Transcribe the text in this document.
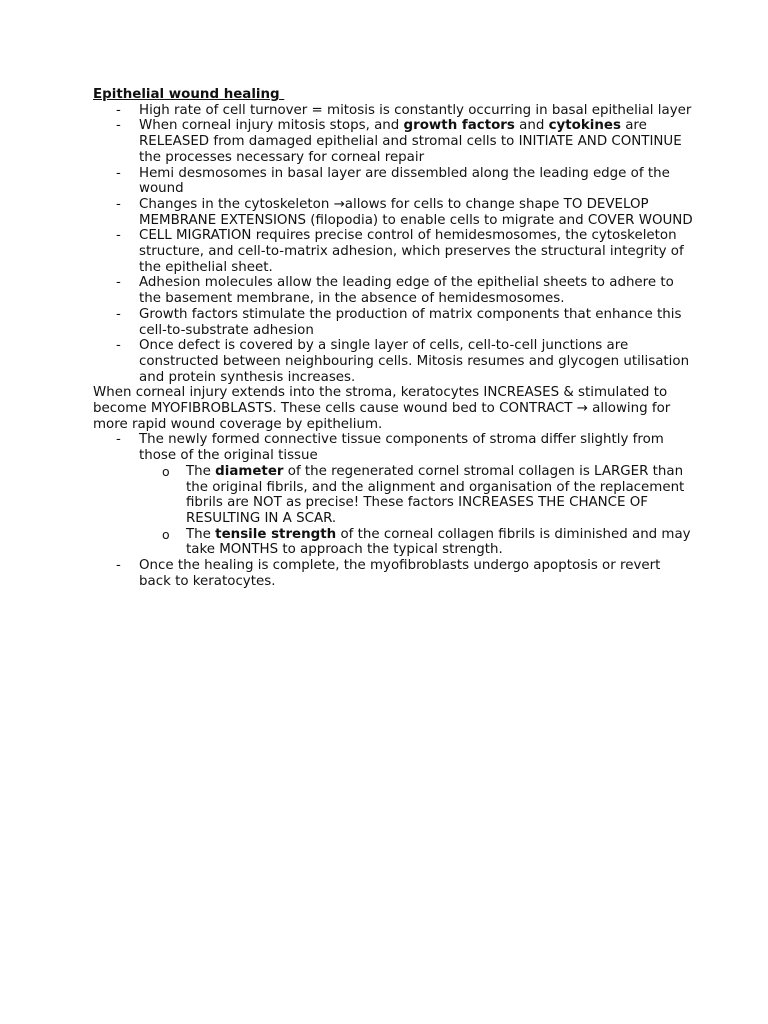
Epithelial wound healing

- High rate of cell turnover = mitosis is constantly occurring in basal epithelial layer
- When corneal injury mitosis stops, and growth factors and cytokines are RELEASED from damaged epithelial and stromal cells to INITIATE AND CONTINUE the processes necessary for corneal repair
- Hemi desmosomes in basal layer are dissembled along the leading edge of the wound
- Changes in the cytoskeleton →allows for cells to change shape TO DEVELOP MEMBRANE EXTENSIONS (filopodia) to enable cells to migrate and COVER WOUND
- CELL MIGRATION requires precise control of hemidesmosomes, the cytoskeleton structure, and cell-to-matrix adhesion, which preserves the structural integrity of the epithelial sheet.
- Adhesion molecules allow the leading edge of the epithelial sheets to adhere to the basement membrane, in the absence of hemidesmosomes.
- Growth factors stimulate the production of matrix components that enhance this cell-to-substrate adhesion
- Once defect is covered by a single layer of cells, cell-to-cell junctions are constructed between neighbouring cells. Mitosis resumes and glycogen utilisation and protein synthesis increases.

When corneal injury extends into the stroma, keratocytes INCREASES & stimulated to become MYOFIBROBLASTS. These cells cause wound bed to CONTRACT → allowing for more rapid wound coverage by epithelium.

- The newly formed connective tissue components of stroma differ slightly from those of the original tissue
o The diameter of the regenerated cornel stromal collagen is LARGER than the original fibrils, and the alignment and organisation of the replacement fibrils are NOT as precise! These factors INCREASES THE CHANCE OF RESULTING IN A SCAR.
o The tensile strength of the corneal collagen fibrils is diminished and may take MONTHS to approach the typical strength.
- Once the healing is complete, the myofibroblasts undergo apoptosis or revert back to keratocytes.
